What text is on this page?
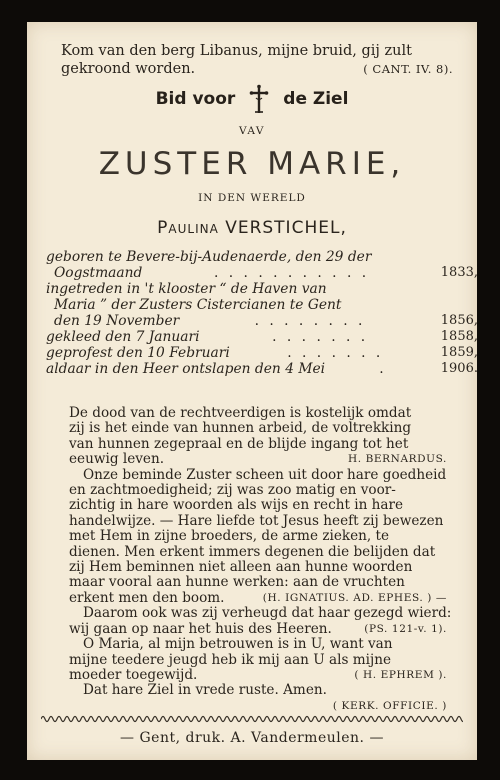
Kom van den berg Libanus, mijne bruid, gij zult
gekroond worden.	( CANT. IV. 8).
Bid voor	de Ziel
VAV
ZUSTER MARIE,
IN DEN WERELD
Paulina VERSTICHEL,
geboren te Bevere-bij-Audenaerde, den 29 der
Oogstmaand	. . . . . . . . . . .	1833,
ingetreden in 't klooster “ de Haven van
Maria ” der Zusters Cistercianen te Gent
den 19 November	. . . . . . . .	1856,
gekleed den 7 Januari	. . . . . . .	1858,
geprofest den 10 Februari	. . . . . . .	1859,
aldaar in den Heer ontslapen den 4 Mei	.	1906.
De dood van de rechtveerdigen is kostelijk omdat
zij is het einde van hunnen arbeid, de voltrekking
van hunnen zegepraal en de blijde ingang tot het
eeuwig leven.	H. BERNARDUS.
Onze beminde Zuster scheen uit door hare goedheid
en zachtmoedigheid; zij was zoo matig en voor-
zichtig in hare woorden als wijs en recht in hare
handelwijze. — Hare liefde tot Jesus heeft zij bewezen
met Hem in zijne broeders, de arme zieken, te
dienen. Men erkent immers degenen die belijden dat
zij Hem beminnen niet alleen aan hunne woorden
maar vooral aan hunne werken: aan de vruchten
erkent men den boom.	(H. IGNATIUS. AD. EPHES. ) —
Daarom ook was zij verheugd dat haar gezegd wierd:
wij gaan op naar het huis des Heeren.	(PS. 121-v. 1).
O Maria, al mijn betrouwen is in U, want van
mijne teedere jeugd heb ik mij aan U als mijne
moeder toegewijd.	( H. EPHREM ).
Dat hare Ziel in vrede ruste. Amen.
( KERK. OFFICIE. )
— Gent, druk. A. Vandermeulen. —
